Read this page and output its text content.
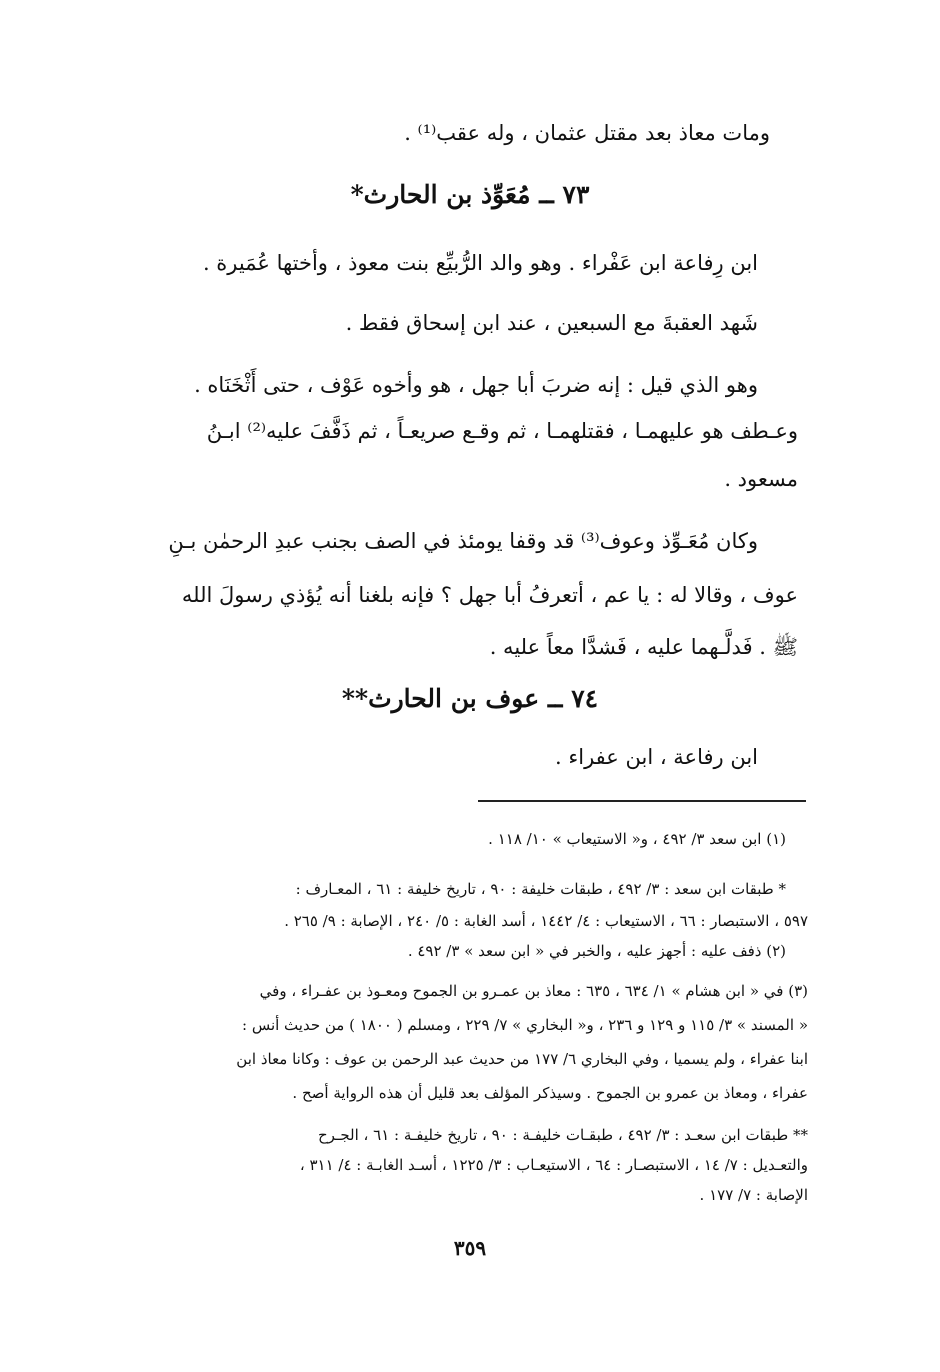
ومات معاذ بعد مقتل عثمان ، وله عقب⁽¹⁾ .
٧٣ ــ مُعَوِّذ بن الحارث*
ابن رِفاعة ابن عَفْراء . وهو والد الرُّبيِّع بنت معوذ ، وأختها عُمَيرة .
شَهد العقبةَ مع السبعين ، عند ابن إسحاق فقط .
وهو الذي قيل : إنه ضربَ أبا جهل ، هو وأخوه عَوْف ، حتى أَثْخَنَاه .
وعـطف هو عليهمـا ، فقتلهمـا ، ثم وقـع صريعـاً ، ثم ذَفَّفَ عليه⁽²⁾ ابـنُ
مسعود .
وكان مُعَـوِّذ وعوف⁽³⁾ قد وقفا يومئذ في الصف بجنب عبدِ الرحمٰن بـنِ
عوف ، وقالا له : يا عم ، أتعرفُ أبا جهل ؟ فإنه بلغنا أنه يُؤذي رسولَ الله
ﷺ . فَدلَّـهما عليه ، فَشدَّا معاً عليه .
٧٤ ــ عوف بن الحارث**
ابن رفاعة ، ابن عفراء .
(١) ابن سعد ٣/ ٤٩٢ ، و« الاستيعاب » ١٠/ ١١٨ .
* طبقات ابن سعد : ٣/ ٤٩٢ ، طبقات خليفة : ٩٠ ، تاريخ خليفة : ٦١ ، المعـارف :
٥٩٧ ، الاستبصار : ٦٦ ، الاستيعاب : ٤/ ١٤٤٢ ، أسد الغابة : ٥/ ٢٤٠ ، الإصابة : ٩/ ٢٦٥ .
(٢) ذفف عليه : أجهز عليه ، والخبر في « ابن سعد » ٣/ ٤٩٢ .
(٣) في « ابن هشام » ١/ ٦٣٤ ، ٦٣٥ : معاذ بن عمـرو بن الجموح ومعـوذ بن عفـراء ، وفي
« المسند » ٣/ ١١٥ و ١٢٩ و ٢٣٦ ، و« البخاري » ٧/ ٢٢٩ ، ومسلم ( ١٨٠٠ ) من حديث أنس :
ابنا عفراء ، ولم يسميا ، وفي البخاري ٦/ ١٧٧ من حديث عبد الرحمن بن عوف : وكانا معاذ ابن
عفراء ، ومعاذ بن عمرو بن الجموح . وسيذكر المؤلف بعد قليل أن هذه الرواية أصح .
** طبقات ابن سعـد : ٣/ ٤٩٢ ، طبقـات خليفـة : ٩٠ ، تاريخ خليفـة : ٦١ ، الجـرح
والتعـديل : ٧/ ١٤ ، الاستبصـار : ٦٤ ، الاستيعـاب : ٣/ ١٢٢٥ ، أسـد الغابـة : ٤/ ٣١١ ،
الإصابة : ٧/ ١٧٧ .
٣٥٩
